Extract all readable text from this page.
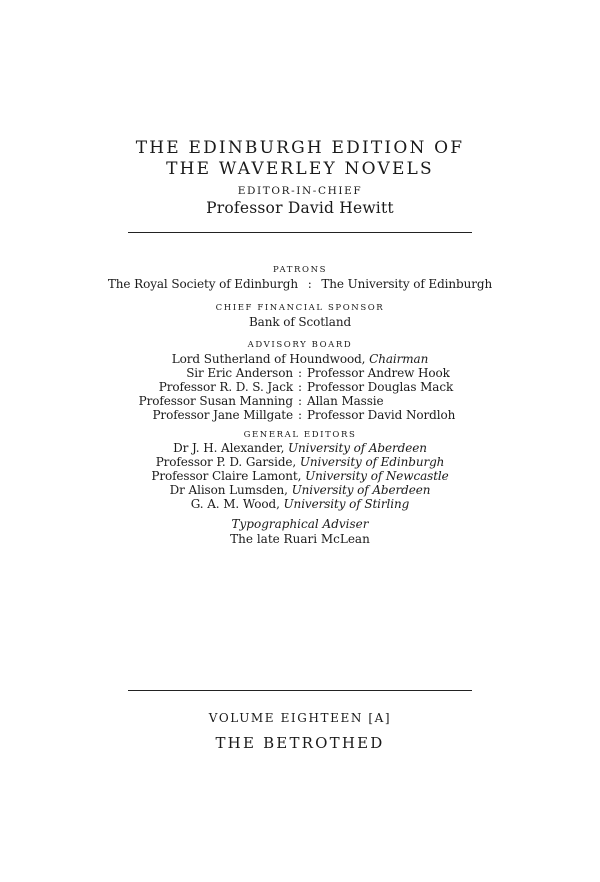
THE EDINBURGH EDITION OF
THE WAVERLEY NOVELS
EDITOR-IN-CHIEF
Professor David Hewitt
PATRONS
The Royal Society of Edinburgh : The University of Edinburgh
CHIEF FINANCIAL SPONSOR
Bank of Scotland
ADVISORY BOARD
Lord Sutherland of Houndwood, Chairman
Sir Eric Anderson : Professor Andrew Hook
Professor R. D. S. Jack : Professor Douglas Mack
Professor Susan Manning : Allan Massie
Professor Jane Millgate : Professor David Nordloh
GENERAL EDITORS
Dr J. H. Alexander, University of Aberdeen
Professor P. D. Garside, University of Edinburgh
Professor Claire Lamont, University of Newcastle
Dr Alison Lumsden, University of Aberdeen
G. A. M. Wood, University of Stirling
Typographical Adviser
The late Ruari McLean
VOLUME EIGHTEEN [A]
THE BETROTHED
